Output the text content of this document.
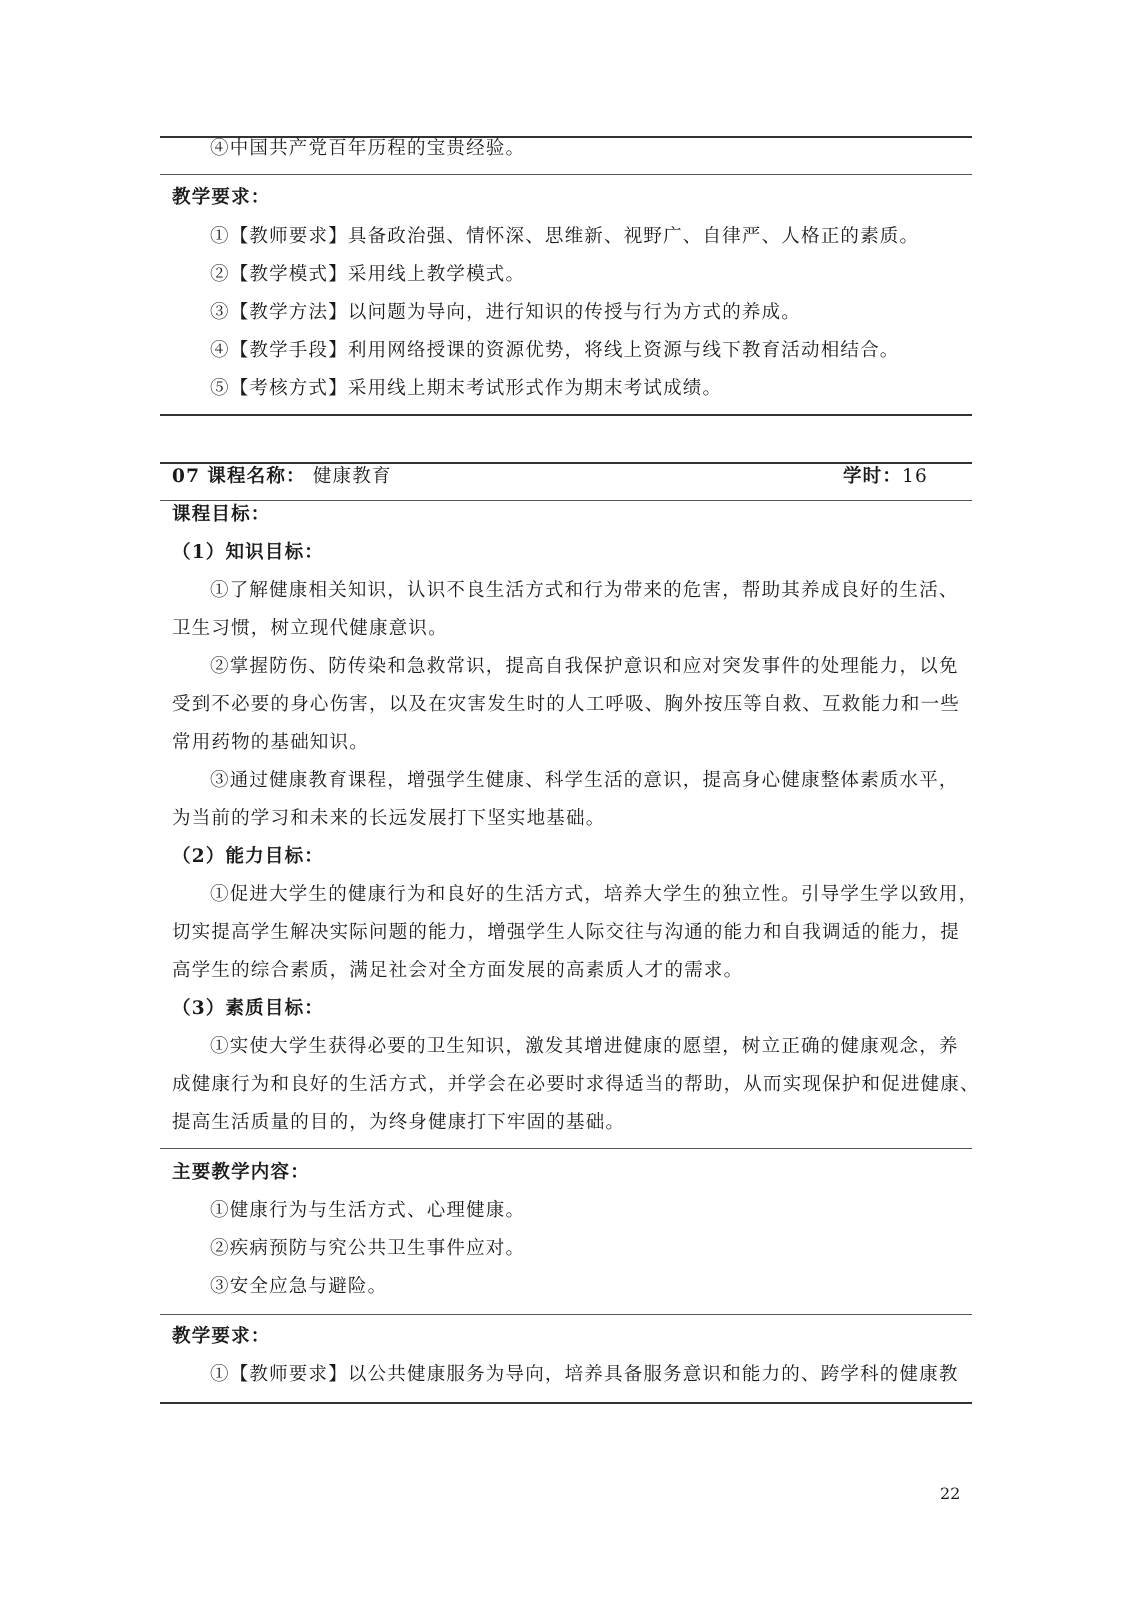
④中国共产党百年历程的宝贵经验。
教学要求：
①【教师要求】具备政治强、情怀深、思维新、视野广、自律严、人格正的素质。
②【教学模式】采用线上教学模式。
③【教学方法】以问题为导向，进行知识的传授与行为方式的养成。
④【教学手段】利用网络授课的资源优势，将线上资源与线下教育活动相结合。
⑤【考核方式】采用线上期末考试形式作为期末考试成绩。
07 课程名称： 健康教育	学时：16
课程目标：
（1）知识目标：
①了解健康相关知识，认识不良生活方式和行为带来的危害，帮助其养成良好的生活、
卫生习惯，树立现代健康意识。
②掌握防伤、防传染和急救常识，提高自我保护意识和应对突发事件的处理能力，以免
受到不必要的身心伤害，以及在灾害发生时的人工呼吸、胸外按压等自救、互救能力和一些
常用药物的基础知识。
③通过健康教育课程，增强学生健康、科学生活的意识，提高身心健康整体素质水平，
为当前的学习和未来的长远发展打下坚实地基础。
（2）能力目标：
①促进大学生的健康行为和良好的生活方式，培养大学生的独立性。引导学生学以致用，
切实提高学生解决实际问题的能力，增强学生人际交往与沟通的能力和自我调适的能力，提
高学生的综合素质，满足社会对全方面发展的高素质人才的需求。
（3）素质目标：
①实使大学生获得必要的卫生知识，激发其增进健康的愿望，树立正确的健康观念，养
成健康行为和良好的生活方式，并学会在必要时求得适当的帮助，从而实现保护和促进健康、
提高生活质量的目的，为终身健康打下牢固的基础。
主要教学内容：
①健康行为与生活方式、心理健康。
②疾病预防与究公共卫生事件应对。
③安全应急与避险。
教学要求：
①【教师要求】以公共健康服务为导向，培养具备服务意识和能力的、跨学科的健康教
22
